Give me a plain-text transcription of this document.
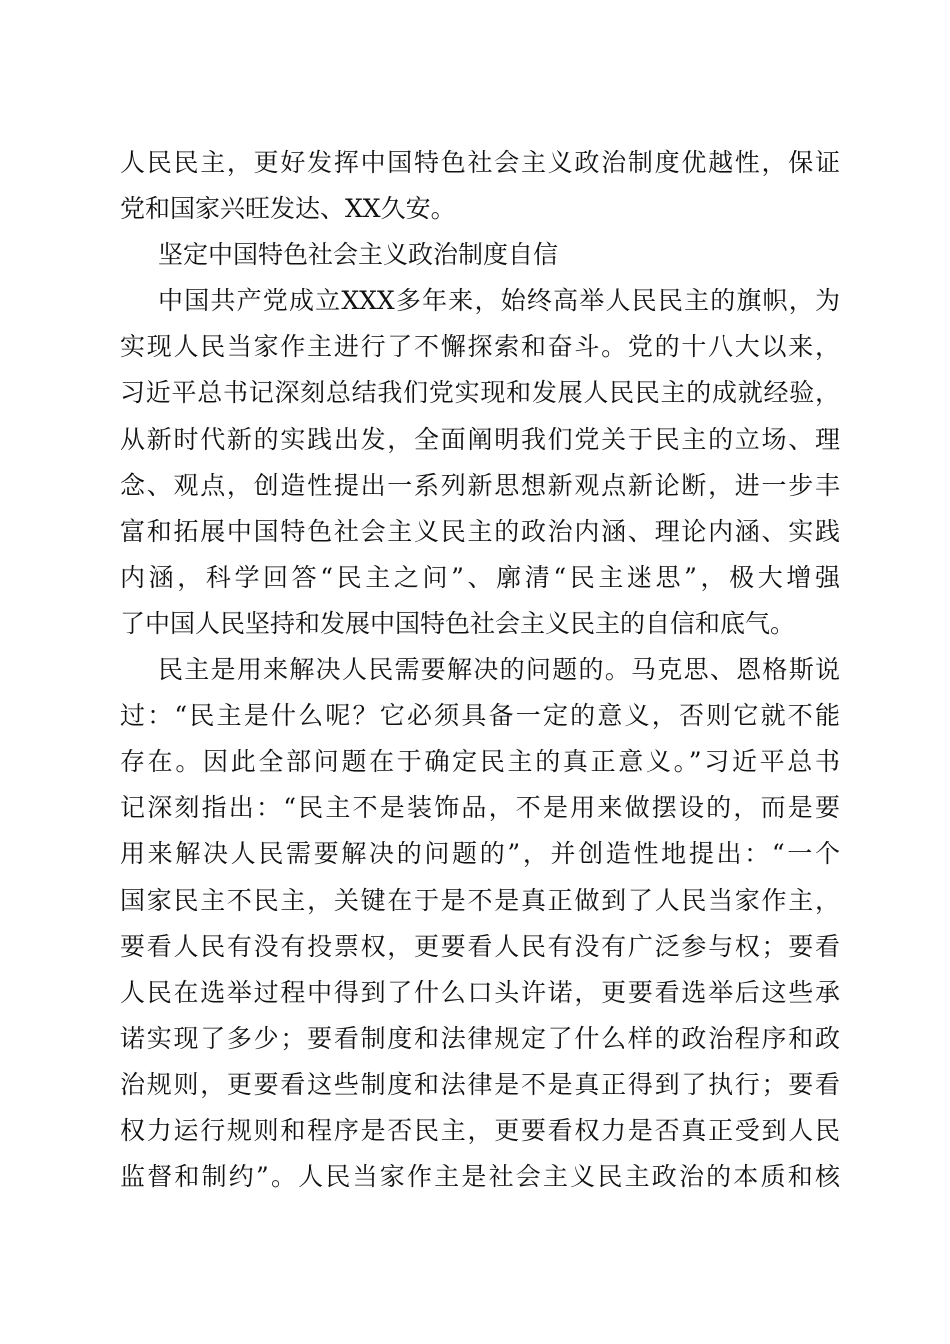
人民民主，更好发挥中国特色社会主义政治制度优越性，保证
党和国家兴旺发达、XX久安。
坚定中国特色社会主义政治制度自信
中国共产党成立XXX多年来，始终高举人民民主的旗帜，为
实现人民当家作主进行了不懈探索和奋斗。党的十八大以来，
习近平总书记深刻总结我们党实现和发展人民民主的成就经验，
从新时代新的实践出发，全面阐明我们党关于民主的立场、理
念、观点，创造性提出一系列新思想新观点新论断，进一步丰
富和拓展中国特色社会主义民主的政治内涵、理论内涵、实践
内涵，科学回答“民主之问”、廓清“民主迷思”，极大增强
了中国人民坚持和发展中国特色社会主义民主的自信和底气。
民主是用来解决人民需要解决的问题的。马克思、恩格斯说
过：“民主是什么呢？它必须具备一定的意义，否则它就不能
存在。因此全部问题在于确定民主的真正意义。”习近平总书
记深刻指出：“民主不是装饰品，不是用来做摆设的，而是要
用来解决人民需要解决的问题的”，并创造性地提出：“一个
国家民主不民主，关键在于是不是真正做到了人民当家作主，
要看人民有没有投票权，更要看人民有没有广泛参与权；要看
人民在选举过程中得到了什么口头许诺，更要看选举后这些承
诺实现了多少；要看制度和法律规定了什么样的政治程序和政
治规则，更要看这些制度和法律是不是真正得到了执行；要看
权力运行规则和程序是否民主，更要看权力是否真正受到人民
监督和制约”。人民当家作主是社会主义民主政治的本质和核
